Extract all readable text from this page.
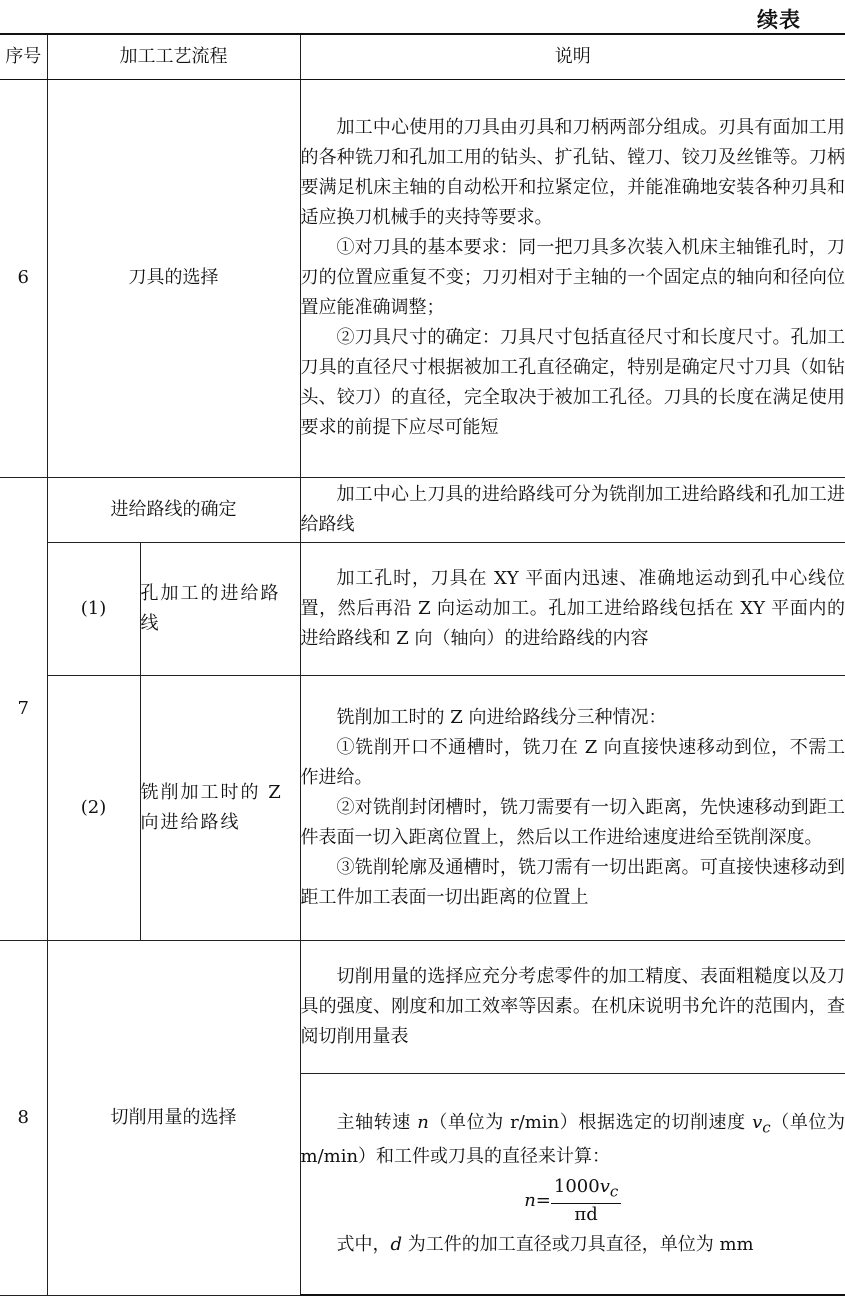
续表
序号	加工工艺流程		说明
6	刀具的选择		加工中心使用的刀具由刃具和刀柄两部分组成。刃具有面加工用的各种铣刀和孔加工用的钻头、扩孔钻、镗刀、铰刀及丝锥等。刀柄要满足机床主轴的自动松开和拉紧定位，并能准确地安装各种刃具和适应换刀机械手的夹持等要求。

①对刀具的基本要求：同一把刀具多次装入机床主轴锥孔时，刀刃的位置应重复不变；刀刃相对于主轴的一个固定点的轴向和径向位置应能准确调整；

②刀具尺寸的确定：刀具尺寸包括直径尺寸和长度尺寸。孔加工刀具的直径尺寸根据被加工孔直径确定，特别是确定尺寸刀具（如钻头、铰刀）的直径，完全取决于被加工孔径。刀具的长度在满足使用要求的前提下应尽可能短

7	进给路线的确定		加工中心上刀具的进给路线可分为铣削加工进给路线和孔加工进给路线

	(1)	孔加工的进给路线	加工孔时，刀具在 XY 平面内迅速、准确地运动到孔中心线位置，然后再沿 Z 向运动加工。孔加工进给路线包括在 XY 平面内的进给路线和 Z 向（轴向）的进给路线的内容

	(2)	铣削加工时的 Z 向进给路线	铣削加工时的 Z 向进给路线分三种情况：

①铣削开口不通槽时，铣刀在 Z 向直接快速移动到位，不需工作进给。

②对铣削封闭槽时，铣刀需要有一切入距离，先快速移动到距工件表面一切入距离位置上，然后以工作进给速度进给至铣削深度。

③铣削轮廓及通槽时，铣刀需有一切出距离。可直接快速移动到距工件加工表面一切出距离的位置上

8	切削用量的选择		切削用量的选择应充分考虑零件的加工精度、表面粗糙度以及刀具的强度、刚度和加工效率等因素。在机床说明书允许的范围内，查阅切削用量表

			主轴转速 n（单位为 r/min）根据选定的切削速度 $v_c$（单位为 m/min）和工件或刀具的直径来计算：

$n= \frac{1000v_c}{\pi d}$

式中，d 为工件的加工直径或刀具直径，单位为 mm
